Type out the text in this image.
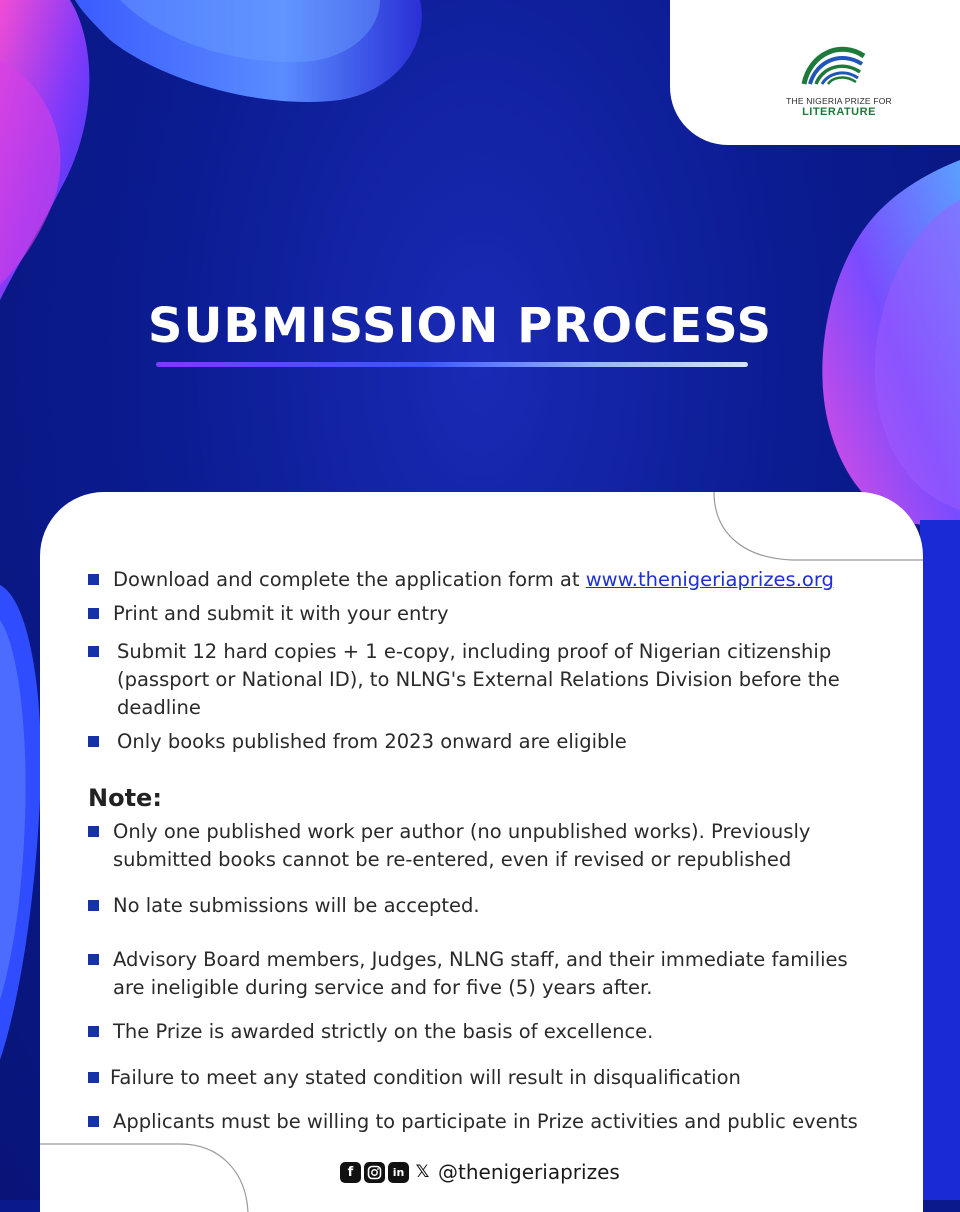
THE NIGERIA PRIZE FOR
LITERATURE
SUBMISSION PROCESS
Download and complete the application form at www.thenigeriaprizes.org
Print and submit it with your entry
Submit 12 hard copies + 1 e-copy, including proof of Nigerian citizenship (passport or National ID), to NLNG's External Relations Division before the deadline
Only books published from 2023 onward are eligible
Note:
Only one published work per author (no unpublished works). Previously submitted books cannot be re-entered, even if revised or republished
No late submissions will be accepted.
Advisory Board members, Judges, NLNG staff, and their immediate families are ineligible during service and for five (5) years after.
The Prize is awarded strictly on the basis of excellence.
Failure to meet any stated condition will result in disqualification
Applicants must be willing to participate in Prize activities and public events
f	in 𝕏 @thenigeriaprizes
